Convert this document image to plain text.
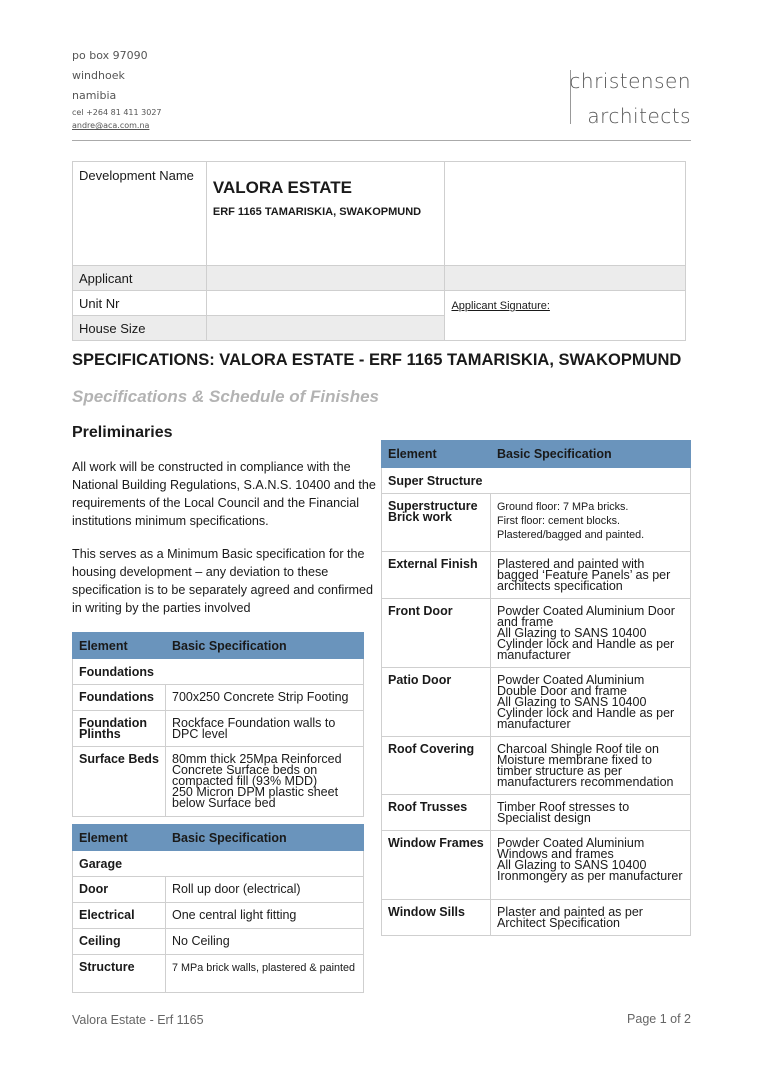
po box 97090
windhoek
namibia
cel +264 81 411 3027
andre@aca.com.na
christensen
architects
Development Name	VALORA ESTATE
ERF 1165 TAMARISKIA, SWAKOPMUND	

Applicant		
Unit Nr		Applicant Signature:
House Size		
SPECIFICATIONS: VALORA ESTATE - ERF 1165 TAMARISKIA, SWAKOPMUND
Specifications & Schedule of Finishes
Preliminaries
All work will be constructed in compliance with the National Building Regulations, S.A.N.S. 10400 and the requirements of the Local Council and the Financial institutions minimum specifications.
This serves as a Minimum Basic specification for the housing development – any deviation to these specification is to be separately agreed and confirmed in writing by the parties involved
Element	Basic Specification
Foundations	
Foundations	700x250 Concrete Strip Footing
Foundation Plinths	Rockface Foundation walls to DPC level
Surface Beds	80mm thick 25Mpa Reinforced Concrete Surface beds on compacted fill (93% MDD)
250 Micron DPM plastic sheet below Surface bed
Element	Basic Specification
Garage	
Door	Roll up door (electrical)
Electrical	One central light fitting
Ceiling	No Ceiling
Structure	7 MPa brick walls, plastered & painted
Element	Basic Specification
Super Structure	
Superstructure Brick work	Ground floor: 7 MPa bricks.
First floor: cement blocks.
Plastered/bagged and painted.
External Finish	Plastered and painted with bagged ‘Feature Panels’ as per architects specification
Front Door	Powder Coated Aluminium Door and frame
All Glazing to SANS 10400
Cylinder lock and Handle as per manufacturer
Patio Door	Powder Coated Aluminium Double Door and frame
All Glazing to SANS 10400
Cylinder lock and Handle as per manufacturer
Roof Covering	Charcoal Shingle Roof tile on Moisture membrane fixed to timber structure as per manufacturers recommendation
Roof Trusses	Timber Roof stresses to Specialist design
Window Frames	Powder Coated Aluminium Windows and frames
All Glazing to SANS 10400
Ironmongery as per manufacturer
Window Sills	Plaster and painted as per Architect Specification
Valora Estate - Erf 1165	Page 1 of 2
